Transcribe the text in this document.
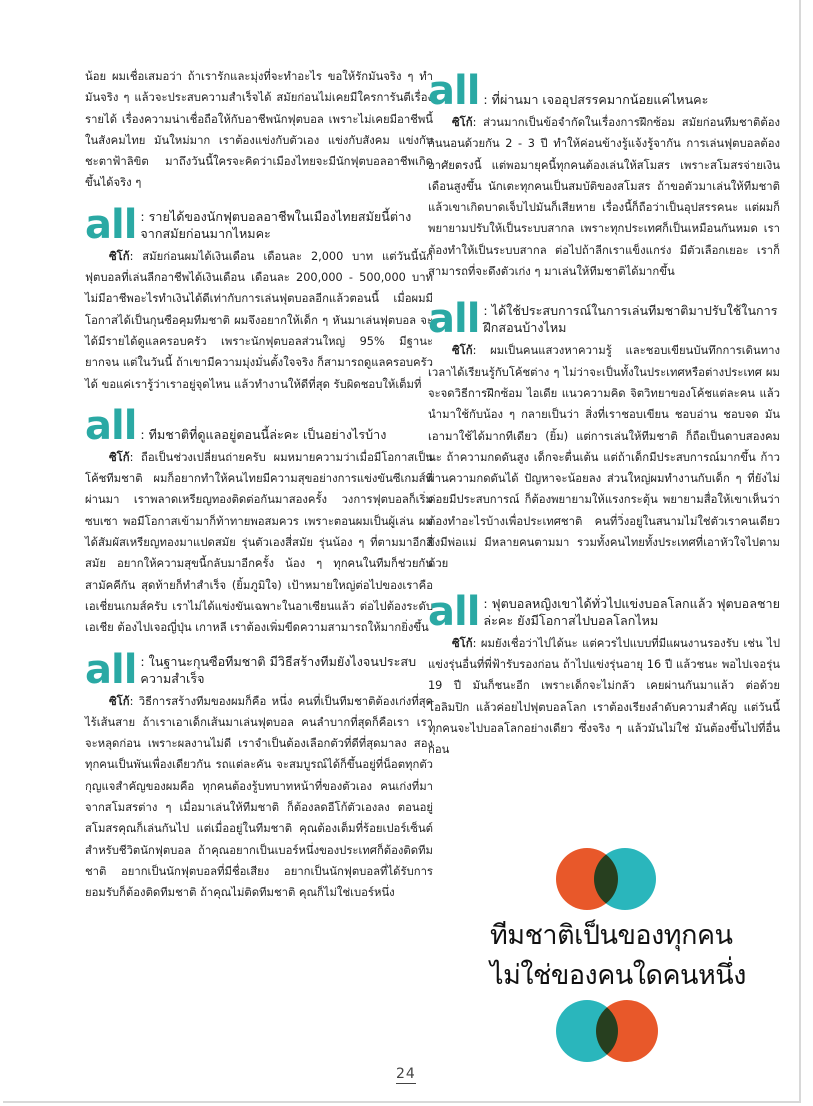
น้อย ผมเชื่อเสมอว่า ถ้าเรารักและมุ่งที่จะทำอะไร ขอให้รักมันจริง ๆ ทำมันจริง ๆ แล้วจะประสบความสำเร็จได้ สมัยก่อนไม่เคยมีใครการันตีเรื่องรายได้ เรื่องความน่าเชื่อถือให้กับอาชีพนักฟุตบอล เพราะไม่เคยมีอาชีพนี้ในสังคมไทย มันใหม่มาก เราต้องแข่งกับตัวเอง แข่งกับสังคม แข่งกับชะตาฟ้าลิขิต มาถึงวันนี้ใครจะคิดว่าเมืองไทยจะมีนักฟุตบอลอาชีพเกิดขึ้นได้จริง ๆ

all : รายได้ของนักฟุตบอลอาชีพในเมืองไทยสมัยนี้ต่างจากสมัยก่อนมากไหมคะ

ซิโก้: สมัยก่อนผมได้เงินเดือน เดือนละ 2,000 บาท แต่วันนี้นักฟุตบอลที่เล่นลีกอาชีพได้เงินเดือน เดือนละ 200,000 - 500,000 บาท ไม่มีอาชีพอะไรทำเงินได้ดีเท่ากับการเล่นฟุตบอลอีกแล้วตอนนี้ เมื่อผมมีโอกาสได้เป็นกุนซือคุมทีมชาติ ผมจึงอยากให้เด็ก ๆ หันมาเล่นฟุตบอล จะได้มีรายได้ดูแลครอบครัว เพราะนักฟุตบอลส่วนใหญ่ 95% มีฐานะยากจน แต่ในวันนี้ ถ้าเขามีความมุ่งมั่นตั้งใจจริง ก็สามารถดูแลครอบครัวได้ ขอแค่เรารู้ว่าเราอยู่จุดไหน แล้วทำงานให้ดีที่สุด รับผิดชอบให้เต็มที่

all : ทีมชาติที่ดูแลอยู่ตอนนี้ล่ะคะ เป็นอย่างไรบ้าง

ซิโก้: ถือเป็นช่วงเปลี่ยนถ่ายครับ ผมหมายความว่าเมื่อมีโอกาสเป็นโค้ชทีมชาติ ผมก็อยากทำให้คนไทยมีความสุขอย่างการแข่งขันซีเกมส์ที่ผ่านมา เราพลาดเหรียญทองติดต่อกันมาสองครั้ง วงการฟุตบอลก็เริ่มซบเซา พอมีโอกาสเข้ามาก็ท้าทายพอสมควร เพราะตอนผมเป็นผู้เล่น ผมได้สัมผัสเหรียญทองมาแปดสมัย รุ่นตัวเองสี่สมัย รุ่นน้อง ๆ ที่ตามมาอีกสี่สมัย อยากให้ความสุขนี้กลับมาอีกครั้ง น้อง ๆ ทุกคนในทีมก็ช่วยกันสามัคคีกัน สุดท้ายก็ทำสำเร็จ (ยิ้มภูมิใจ) เป้าหมายใหญ่ต่อไปของเราคือเอเชี่ยนเกมส์ครับ เราไม่ได้แข่งขันเฉพาะในอาเซียนแล้ว ต่อไปต้องระดับเอเชีย ต้องไปเจอญี่ปุ่น เกาหลี เราต้องเพิ่มขีดความสามารถให้มากยิ่งขึ้น

all : ในฐานะกุนซือทีมชาติ มีวิธีสร้างทีมยังไงจนประสบความสำเร็จ

ซิโก้: วิธีการสร้างทีมของผมก็คือ หนึ่ง คนที่เป็นทีมชาติต้องเก่งที่สุด ไร้เส้นสาย ถ้าเราเอาเด็กเส้นมาเล่นฟุตบอล คนลำบากที่สุดก็คือเรา เราจะหลุดก่อน เพราะผลงานไม่ดี เราจำเป็นต้องเลือกตัวที่ดีที่สุดมาลง สอง ทุกคนเป็นพันเพื่องเดียวกัน รถแต่ละคัน จะสมบูรณ์ได้ก็ขึ้นอยู่ที่น็อตทุกตัว กุญแจสำคัญของผมคือ ทุกคนต้องรู้บทบาทหน้าที่ของตัวเอง คนเก่งที่มาจากสโมสรต่าง ๆ เมื่อมาเล่นให้ทีมชาติ ก็ต้องลดอีโก้ตัวเองลง ตอนอยู่สโมสรคุณก็เล่นกันไป แต่เมื่ออยู่ในทีมชาติ คุณต้องเต็มที่ร้อยเปอร์เซ็นต์ สำหรับชีวิตนักฟุตบอล ถ้าคุณอยากเป็นเบอร์หนึ่งของประเทศก็ต้องติดทีมชาติ อยากเป็นนักฟุตบอลที่มีชื่อเสียง อยากเป็นนักฟุตบอลที่ได้รับการยอมรับก็ต้องติดทีมชาติ ถ้าคุณไม่ติดทีมชาติ คุณก็ไม่ใช่เบอร์หนึ่ง

all : ที่ผ่านมา เจออุปสรรคมากน้อยแค่ไหนคะ

ซิโก้: ส่วนมากเป็นข้อจำกัดในเรื่องการฝึกซ้อม สมัยก่อนทีมชาติต้องกินนอนด้วยกัน 2 - 3 ปี ทำให้ค่อนข้างรู้แจ้งรู้จากัน การเล่นฟุตบอลต้องอาศัยตรงนี้ แต่พอมายุคนี้ทุกคนต้องเล่นให้สโมสร เพราะสโมสรจ่ายเงินเดือนสูงขึ้น นักเตะทุกคนเป็นสมบัติของสโมสร ถ้าขอตัวมาเล่นให้ทีมชาติแล้วเขาเกิดบาดเจ็บไปมันก็เสียหาย เรื่องนี้ก็ถือว่าเป็นอุปสรรคนะ แต่ผมก็พยายามปรับให้เป็นระบบสากล เพราะทุกประเทศก็เป็นเหมือนกันหมด เราต้องทำให้เป็นระบบสากล ต่อไปถ้าลีกเราแข็งแกร่ง มีตัวเลือกเยอะ เราก็สามารถที่จะดึงตัวเก่ง ๆ มาเล่นให้ทีมชาติได้มากขึ้น

all : ได้ใช้ประสบการณ์ในการเล่นทีมชาติมาปรับใช้ในการฝึกสอนบ้างไหม

ซิโก้: ผมเป็นคนแสวงหาความรู้ และชอบเขียนบันทึกการเดินทาง เวลาได้เรียนรู้กับโค้ชต่าง ๆ ไม่ว่าจะเป็นทั้งในประเทศหรือต่างประเทศ ผมจะจดวิธีการฝึกซ้อม ไอเดีย แนวความคิด จิตวิทยาของโค้ชแต่ละคน แล้วนำมาใช้กับน้อง ๆ กลายเป็นว่า สิ่งที่เราชอบเขียน ชอบอ่าน ชอบจด มันเอามาใช้ได้มากทีเดียว (ยิ้ม) แต่การเล่นให้ทีมชาติ ก็ถือเป็นดาบสองคมนะ ถ้าความกดดันสูง เด็กจะตื่นเต้น แต่ถ้าเด็กมีประสบการณ์มากขึ้น ก้าวผ่านความกดดันได้ ปัญหาจะน้อยลง ส่วนใหญ่ผมทำงานกับเด็ก ๆ ที่ยังไม่ค่อยมีประสบการณ์ ก็ต้องพยายามให้แรงกระตุ้น พยายามสื่อให้เขาเห็นว่า ต้องทำอะไรบ้างเพื่อประเทศชาติ คนที่วิ่งอยู่ในสนามไม่ใช่ตัวเราคนเดียว ยังมีพ่อแม่ มีหลายคนตามมา รวมทั้งคนไทยทั้งประเทศที่เอาหัวใจไปตามด้วย

all : ฟุตบอลหญิงเขาได้ทั่วไปแข่งบอลโลกแล้ว ฟุตบอลชายล่ะคะ ยังมีโอกาสไปบอลโลกไหม

ซิโก้: ผมยังเชื่อว่าไปได้นะ แต่ควรไปแบบที่มีแผนงานรองรับ เช่น ไปแข่งรุ่นอื่นที่พี่ฟ้ารับรองก่อน ถ้าไปแข่งรุ่นอายุ 16 ปี แล้วชนะ พอไปเจอรุ่น 19 ปี มันก็ชนะอีก เพราะเด็กจะไม่กลัว เคยผ่านกันมาแล้ว ต่อด้วยโอลิมปิก แล้วค่อยไปฟุตบอลโลก เราต้องเรียงลำดับความสำคัญ แต่วันนี้ ทุกคนจะไปบอลโลกอย่างเดียว ซึ่งจริง ๆ แล้วมันไม่ใช่ มันต้องขึ้นไปที่อื่นก่อน

ทีมชาติเป็นของทุกคน
ไม่ใช่ของคนใดคนหนึ่ง
24
